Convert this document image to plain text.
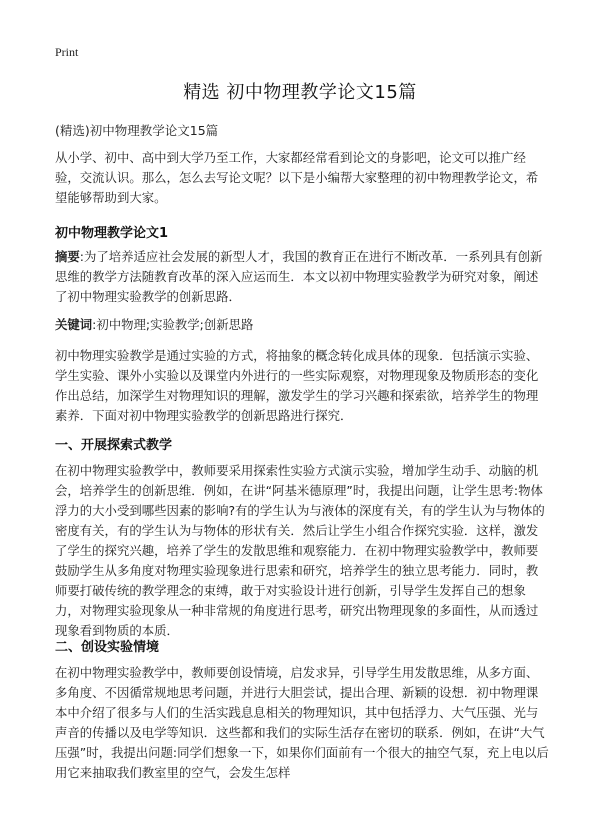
Print
精选 初中物理教学论文15篇
(精选)初中物理教学论文15篇

从小学、初中、高中到大学乃至工作，大家都经常看到论文的身影吧，论文可以推广经验，交流认识。那么，怎么去写论文呢？以下是小编帮大家整理的初中物理教学论文，希望能够帮助到大家。

初中物理教学论文1

摘要:为了培养适应社会发展的新型人才，我国的教育正在进行不断改革．一系列具有创新思维的教学方法随教育改革的深入应运而生．本文以初中物理实验教学为研究对象，阐述了初中物理实验教学的创新思路．

关键词:初中物理;实验教学;创新思路

初中物理实验教学是通过实验的方式，将抽象的概念转化成具体的现象．包括演示实验、学生实验、课外小实验以及课堂内外进行的一些实际观察，对物理现象及物质形态的变化作出总结，加深学生对物理知识的理解，激发学生的学习兴趣和探索欲，培养学生的物理素养．下面对初中物理实验教学的创新思路进行探究．

一、开展探索式教学

在初中物理实验教学中，教师要采用探索性实验方式演示实验，增加学生动手、动脑的机会，培养学生的创新思维．例如，在讲“阿基米德原理”时，我提出问题，让学生思考:物体浮力的大小受到哪些因素的影响?有的学生认为与液体的深度有关，有的学生认为与物体的密度有关，有的学生认为与物体的形状有关．然后让学生小组合作探究实验．这样，激发了学生的探究兴趣，培养了学生的发散思维和观察能力．在初中物理实验教学中，教师要鼓励学生从多角度对物理实验现象进行思索和研究，培养学生的独立思考能力．同时，教师要打破传统的教学理念的束缚，敢于对实验设计进行创新，引导学生发挥自己的想象力，对物理实验现象从一种非常规的角度进行思考，研究出物理现象的多面性，从而透过现象看到物质的本质．

二、创设实验情境

在初中物理实验教学中，教师要创设情境，启发求异，引导学生用发散思维，从多方面、多角度、不因循常规地思考问题，并进行大胆尝试，提出合理、新颖的设想．初中物理课本中介绍了很多与人们的生活实践息息相关的物理知识，其中包括浮力、大气压强、光与声音的传播以及电学等知识．这些都和我们的实际生活存在密切的联系．例如，在讲“大气压强”时，我提出问题:同学们想象一下，如果你们面前有一个很大的抽空气泵，充上电以后用它来抽取我们教室里的空气，会发生怎样
